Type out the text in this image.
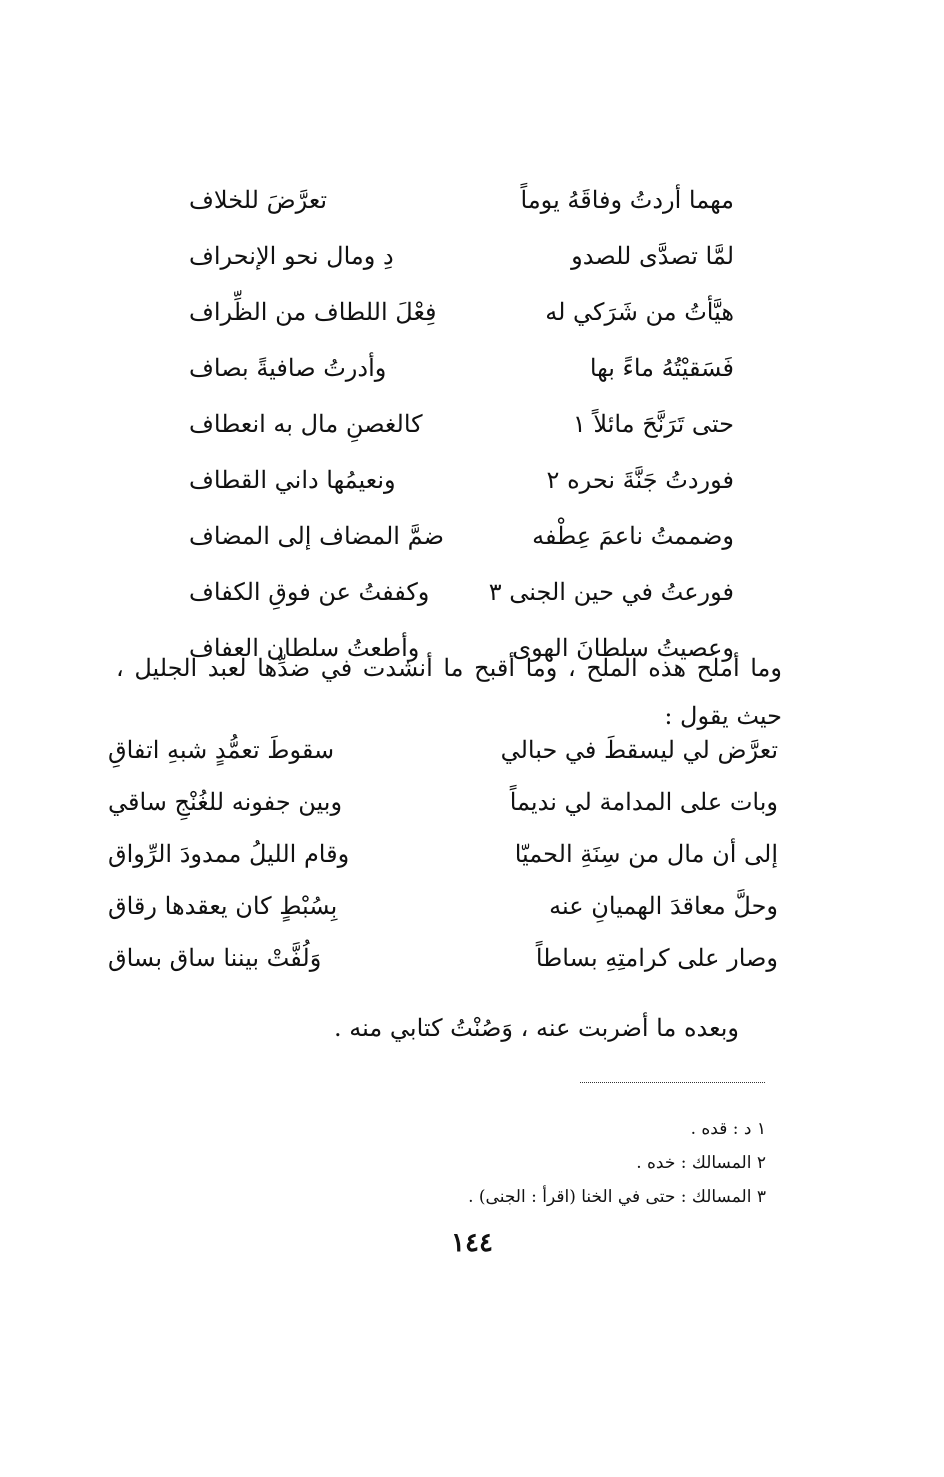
مهما أردتُ وفاقَهُ يوماً
تعرَّضَ للخلاف
لمَّا تصدَّى للصدو
دِ ومال نحو الإنحراف
هيَّأتُ من شَرَكي له
فِعْلَ اللطاف من الظِّراف
فَسَقيْتُهُ ماءً بها
وأدرتُ صافيةً بصاف
حتى تَرَنَّحَ مائلاً ١
كالغصنِ مال به انعطاف
فوردتُ جَنَّةَ نحره ٢
ونعيمُها داني القطاف
وضممتُ ناعمَ عِطْفه
ضمَّ المضاف إلى المضاف
فورعتُ في حين الجنى ٣
وكففتُ عن فوقِ الكفاف
وعصيتُ سلطانَ الهوى
وأطعتُ سلطان العفاف

وما أملح هذه الملح ، وما أقبح ما أنشدت في ضدِّها لعبد الجليل ، حيث يقول :

تعرَّض لي ليسقطَ في حبالي
سقوطَ تعمُّدٍ شبهِ اتفاقِ
وبات على المدامة لي نديماً
وبين جفونه للغُنْجِ ساقي
إلى أن مال من سِنَةِ الحميّا
وقام الليلُ ممدودَ الرِّواق
وحلَّ معاقدَ الهميانِ عنه
بِسُبْطٍ كان يعقدها رقاق
وصار على كرامتِهِ بساطاً
وَلُفَّتْ بيننا ساق بساق
وبعده ما أضربت عنه ، وَصُنْتُ كتابي منه .
١ د : قده .
٢ المسالك : خده .
٣ المسالك : حتى في الخنا (اقرأ : الجنى) .
١٤٤
